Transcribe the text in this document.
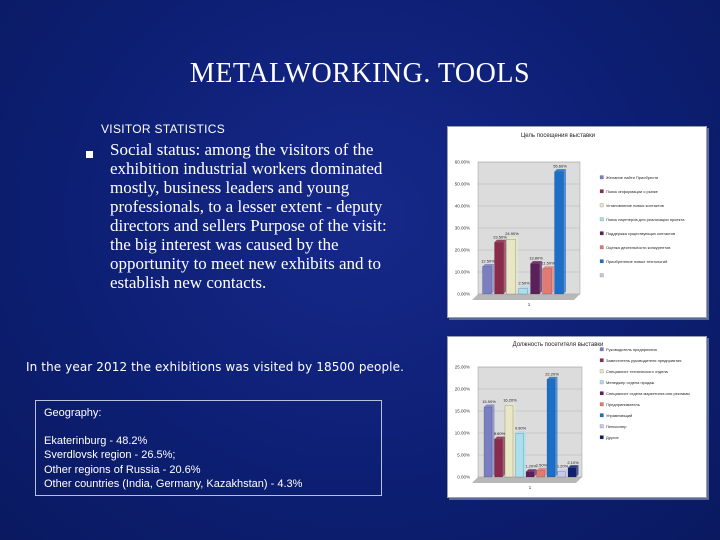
METALWORKING. TOOLS
VISITOR STATISTICS
Social status: among the visitors of the exhibition industrial workers dominated mostly, business leaders and young professionals, to a lesser extent - deputy directors and sellers Purpose of the visit: the big interest was caused by the opportunity to meet new exhibits and to establish new contacts.
In the year 2012 the exhibitions was visited by 18500 people.
Geography:
Ekaterinburg - 48.2%
Sverdlovsk region - 26.5%;
Other regions of Russia - 20.6%
Other countries (India, Germany, Kazakhstan) - 4.3%
Цель посещения выставки
0.00%
10.00%
20.00%
30.00%
40.00%
50.00%
60.00%
1
12.50%
Желание найти Приобрести
23.50%
Поиск информации о рынке
24.90%
Установление новых контактов
2.50%
Поиск партнеров для реализации проекта
13.80%
Поддержка существующих контактов
11.50%
Оценка деятельности конкурентов
55.60%
Приобретение новых технологий
Должность посетителя выставки
0.00%
5.00%
10.00%
15.00%
20.00%
25.00%
1
15.90%
Руководитель предприятия
8.60%
Заместитель руководителя предприятия
16.20%
Специалист технического отдела
9.90%
Менеджер отдела продаж
1.20%
Специалист отдела маркетинга или рекламы
1.50%
Предприниматель
22.20%
Управляющий
1.20%
Пенсионер
2.10%
Другое
